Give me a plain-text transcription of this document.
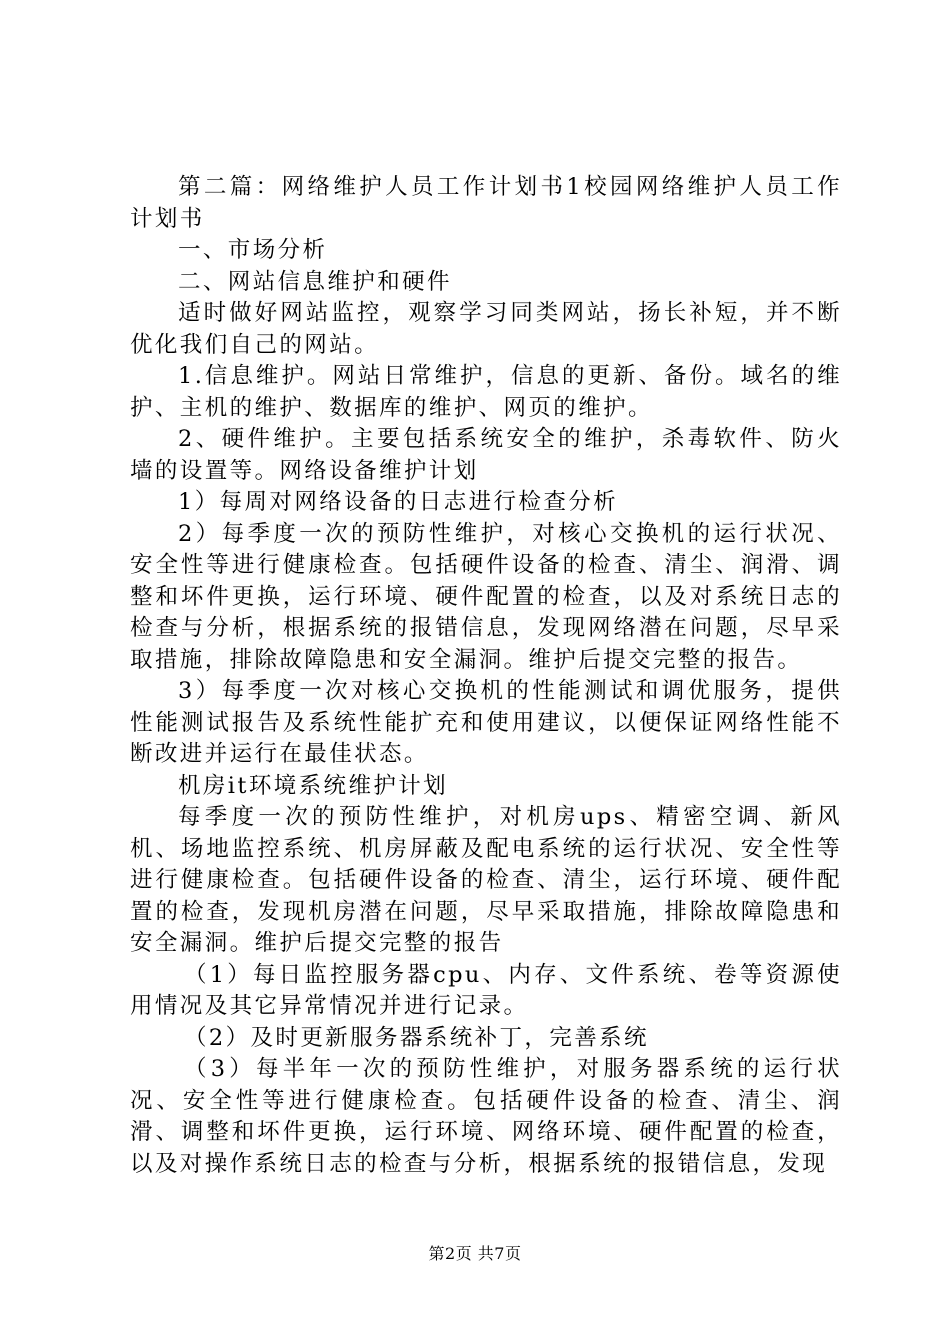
第二篇：网络维护人员工作计划书1校园网络维护人员工作计划书

一、市场分析

二、网站信息维护和硬件

适时做好网站监控，观察学习同类网站，扬长补短，并不断优化我们自己的网站。

1.信息维护。网站日常维护，信息的更新、备份。域名的维护、主机的维护、数据库的维护、网页的维护。

2、硬件维护。主要包括系统安全的维护，杀毒软件、防火墙的设置等。网络设备维护计划

1）每周对网络设备的日志进行检查分析

2）每季度一次的预防性维护，对核心交换机的运行状况、安全性等进行健康检查。包括硬件设备的检查、清尘、润滑、调整和坏件更换，运行环境、硬件配置的检查，以及对系统日志的检查与分析，根据系统的报错信息，发现网络潜在问题，尽早采取措施，排除故障隐患和安全漏洞。维护后提交完整的报告。

3）每季度一次对核心交换机的性能测试和调优服务，提供性能测试报告及系统性能扩充和使用建议，以便保证网络性能不断改进并运行在最佳状态。

机房it环境系统维护计划

每季度一次的预防性维护，对机房ups、精密空调、新风机、场地监控系统、机房屏蔽及配电系统的运行状况、安全性等进行健康检查。包括硬件设备的检查、清尘，运行环境、硬件配置的检查，发现机房潜在问题，尽早采取措施，排除故障隐患和安全漏洞。维护后提交完整的报告

（1）每日监控服务器cpu、内存、文件系统、卷等资源使用情况及其它异常情况并进行记录。

（2）及时更新服务器系统补丁，完善系统

（3）每半年一次的预防性维护，对服务器系统的运行状况、安全性等进行健康检查。包括硬件设备的检查、清尘、润滑、调整和坏件更换，运行环境、网络环境、硬件配置的检查，以及对操作系统日志的检查与分析，根据系统的报错信息，发现

第2页 共7页
